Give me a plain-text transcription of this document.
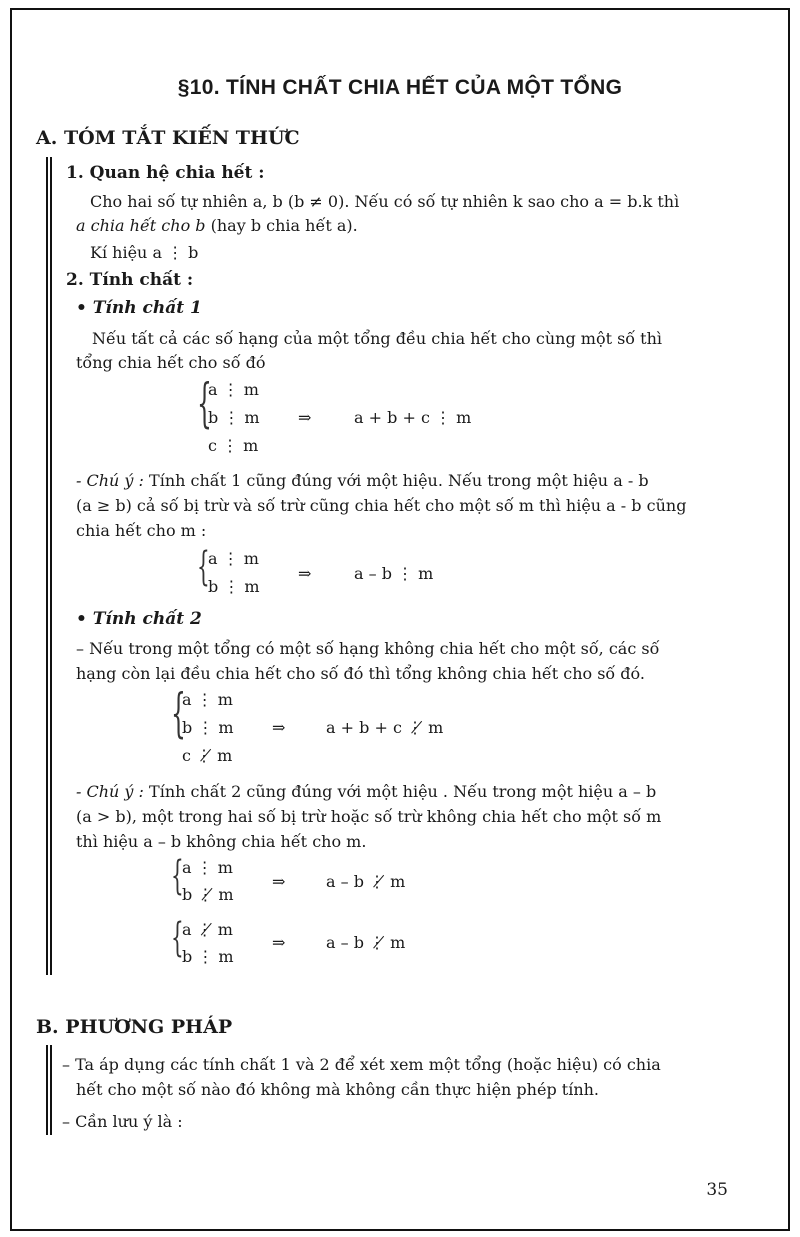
§10. TÍNH CHẤT CHIA HẾT CỦA MỘT TỔNG
A. TÓM TẮT KIẾN THỨC
1. Quan hệ chia hết :
Cho hai số tự nhiên a, b (b ≠ 0). Nếu có số tự nhiên k sao cho a = b.k thì
a chia hết cho b (hay b chia hết a).
Kí hiệu a ⋮ b
2. Tính chất :
• Tính chất 1
Nếu tất cả các số hạng của một tổng đều chia hết cho cùng một số thì
tổng chia hết cho số đó
{
a ⋮ m
b ⋮ m
c ⋮ m
⇒	a + b + c ⋮ m
- Chú ý : Tính chất 1 cũng đúng với một hiệu. Nếu trong một hiệu a - b
(a ≥ b) cả số bị trừ và số trừ cũng chia hết cho một số m thì hiệu a - b cũng
chia hết cho m :
{
a ⋮ m
b ⋮ m
⇒	a – b ⋮ m
• Tính chất 2
– Nếu trong một tổng có một số hạng không chia hết cho một số, các số
hạng còn lại đều chia hết cho số đó thì tổng không chia hết cho số đó.
{
a ⋮ m
b ⋮ m
c ⋮̸ m
⇒	a + b + c ⋮̸ m
- Chú ý : Tính chất 2 cũng đúng với một hiệu . Nếu trong một hiệu a – b
(a > b), một trong hai số bị trừ hoặc số trừ không chia hết cho một số m
thì hiệu a – b không chia hết cho m.
{
a ⋮ m
b ⋮̸ m
⇒	a – b ⋮̸ m
{
a ⋮̸ m
b ⋮ m
⇒	a – b ⋮̸ m
B. PHƯƠNG PHÁP
– Ta áp dụng các tính chất 1 và 2 để xét xem một tổng (hoặc hiệu) có chia
hết cho một số nào đó không mà không cần thực hiện phép tính.
– Cần lưu ý là :
35
